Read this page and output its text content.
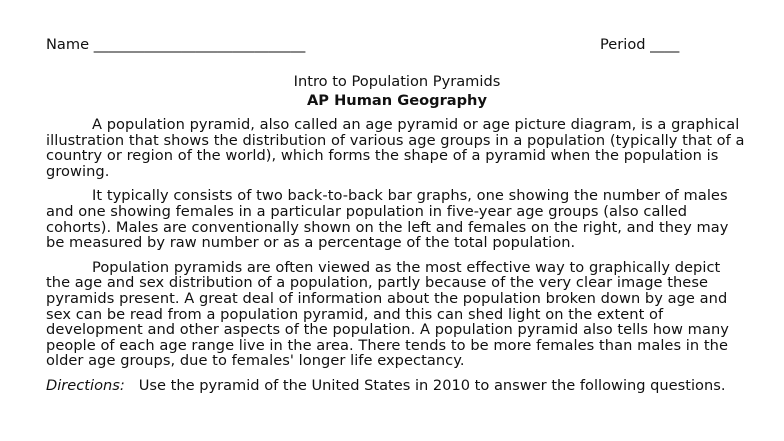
Name _____________________________	Period ____
Intro to Population Pyramids
AP Human Geography

A population pyramid, also called an age pyramid or age picture diagram, is a graphical illustration that shows the distribution of various age groups in a population (typically that of a country or region of the world), which forms the shape of a pyramid when the population is growing.

It typically consists of two back-to-back bar graphs, one showing the number of males and one showing females in a particular population in five-year age groups (also called cohorts). Males are conventionally shown on the left and females on the right, and they may be measured by raw number or as a percentage of the total population.

Population pyramids are often viewed as the most effective way to graphically depict the age and sex distribution of a population, partly because of the very clear image these pyramids present. A great deal of information about the population broken down by age and sex can be read from a population pyramid, and this can shed light on the extent of development and other aspects of the population. A population pyramid also tells how many people of each age range live in the area. There tends to be more females than males in the older age groups, due to females' longer life expectancy.

Directions: Use the pyramid of the United States in 2010 to answer the following questions.
